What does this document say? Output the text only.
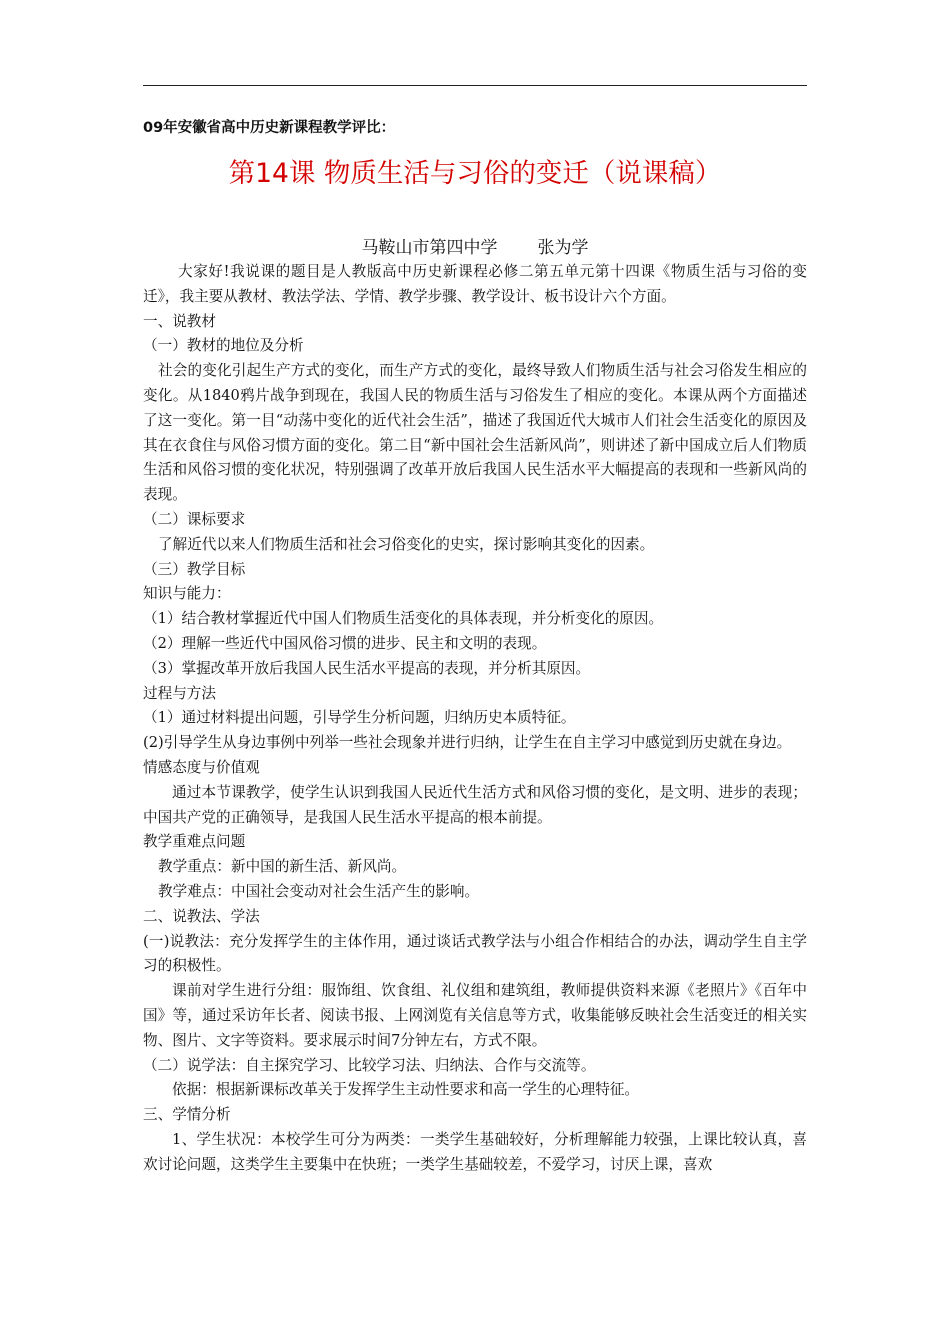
09年安徽省高中历史新课程教学评比：

第14课 物质生活与习俗的变迁（说课稿）

马鞍山市第四中学 张为学

大家好!我说课的题目是人教版高中历史新课程必修二第五单元第十四课《物质生活与习俗的变迁》，我主要从教材、教法学法、学情、教学步骤、教学设计、板书设计六个方面。

一、说教材

（一）教材的地位及分析

社会的变化引起生产方式的变化，而生产方式的变化，最终导致人们物质生活与社会习俗发生相应的变化。从1840鸦片战争到现在，我国人民的物质生活与习俗发生了相应的变化。本课从两个方面描述了这一变化。第一目“动荡中变化的近代社会生活”，描述了我国近代大城市人们社会生活变化的原因及其在衣食住与风俗习惯方面的变化。第二目“新中国社会生活新风尚”，则讲述了新中国成立后人们物质生活和风俗习惯的变化状况，特别强调了改革开放后我国人民生活水平大幅提高的表现和一些新风尚的表现。

（二）课标要求

了解近代以来人们物质生活和社会习俗变化的史实，探讨影响其变化的因素。

（三）教学目标

知识与能力：

（1）结合教材掌握近代中国人们物质生活变化的具体表现，并分析变化的原因。

（2）理解一些近代中国风俗习惯的进步、民主和文明的表现。

（3）掌握改革开放后我国人民生活水平提高的表现，并分析其原因。

过程与方法

（1）通过材料提出问题，引导学生分析问题，归纳历史本质特征。

(2)引导学生从身边事例中列举一些社会现象并进行归纳，让学生在自主学习中感觉到历史就在身边。

情感态度与价值观

通过本节课教学，使学生认识到我国人民近代生活方式和风俗习惯的变化，是文明、进步的表现；中国共产党的正确领导，是我国人民生活水平提高的根本前提。

教学重难点问题

教学重点：新中国的新生活、新风尚。

教学难点：中国社会变动对社会生活产生的影响。

二、说教法、学法

(一)说教法：充分发挥学生的主体作用，通过谈话式教学法与小组合作相结合的办法，调动学生自主学习的积极性。

课前对学生进行分组：服饰组、饮食组、礼仪组和建筑组，教师提供资料来源《老照片》《百年中国》等，通过采访年长者、阅读书报、上网浏览有关信息等方式，收集能够反映社会生活变迁的相关实物、图片、文字等资料。要求展示时间7分钟左右，方式不限。

（二）说学法：自主探究学习、比较学习法、归纳法、合作与交流等。

依据：根据新课标改革关于发挥学生主动性要求和高一学生的心理特征。

三、学情分析

1、学生状况：本校学生可分为两类：一类学生基础较好，分析理解能力较强，上课比较认真，喜欢讨论问题，这类学生主要集中在快班；一类学生基础较差，不爱学习，讨厌上课，喜欢
